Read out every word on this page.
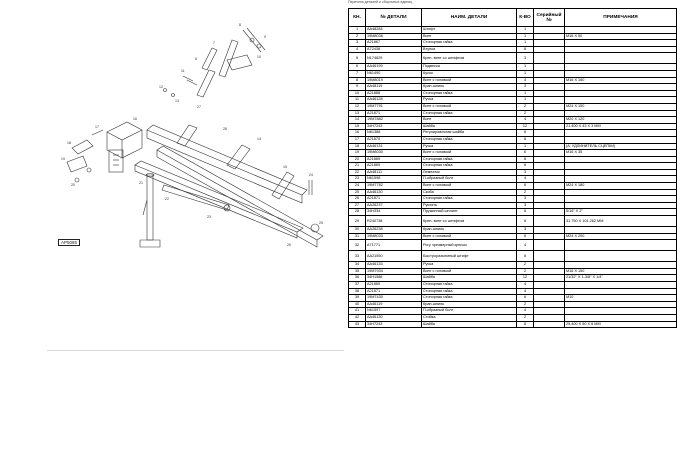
6
7
8
9
10
11
12
13
14
15
16
17
18
19
20	21
22
23
24
25
26
27
28
AP5085
Перечень деталей и сборочных единиц
КН.	№ ДЕТАЛИ	НАИМ. ДЕТАЛИ	К-ВО	Серийный №	ПРИМЕЧАНИЯ
1	AA48284	Штифт	1		
2	19M8036	Винт	1		M16 X 50
3	A21867	Стопорная гайка	1		
4	A72438	Втулка	6		
5	N174629	Креп. винт со штифтом	3		
6	AA46199	Подвеска	1		
7	N61490	Кусок	1		
8	19M8019	Винт с головкой	4		M16 X 160
9	AA48119	Кран-шпиль	3		
10	A21868	Стопорная гайка	1		
11	AA46128	Ручка	1		
12	19M7791	Винт с головкой	2		M24 X 150
13	A21871	Стопорная гайка	2		
14	19M7882	Винт	4		M20 X 120
15	34H7243	Шайба	12		21.400 X 43 X 3 MM
16	N61388	Регулировочная шайба	6		
17	A21870	Стопорная гайка	6		
18	AA46131	Ручка	1		(А: УДЛИНИТЕЛЬ СЦЕПКИ)
19	19M8030	Винт с головкой	6		M16 X 35
20	A21869	Стопорная гайка	6		
21	A21869	Стопорная гайка	6		
22	AA48111	Лемеаток	3		
23	N61598	П-образный болт	4		
24	19M7782	Винт с головкой	6		M24 X 180
25	AA46130	Скоба	2		
26	A21871	Стопорная гайка	3		
27	AA26237	Рукоять	3		
28	34H334	Пружинный шплинт	6		5/16" X 2"
29	R240738	Креп. винт со штифтом	6		31.750 X 101.262 MM
30	AA26238	Кран-шпиль	3		
31	19M8033	Винт с головкой	6		M24 X 200
32	A71771	Рогу чрезмерный крючок	4		
33	AA21550	Быстроразъемный штифт	6		
34	AA46133	Ручка	2		
35	19M7934	Винт с головкой	2		M16 X 150
36	34H1586	Шайба	12		21/32" X 1-3/8" X 1/4"
37	A21869	Стопорная гайка	4		
38	A21871	Стопорная гайка	4		
39	19M7430	Стопорная гайка	6		M10
40	AA46119	Кран-шпиль	2		
41	N61597	П-образный болт	4		
42	AA46130	Стойка	2		
43	34H7243	Шайба	8		25.400 X 50 X 6 MM
